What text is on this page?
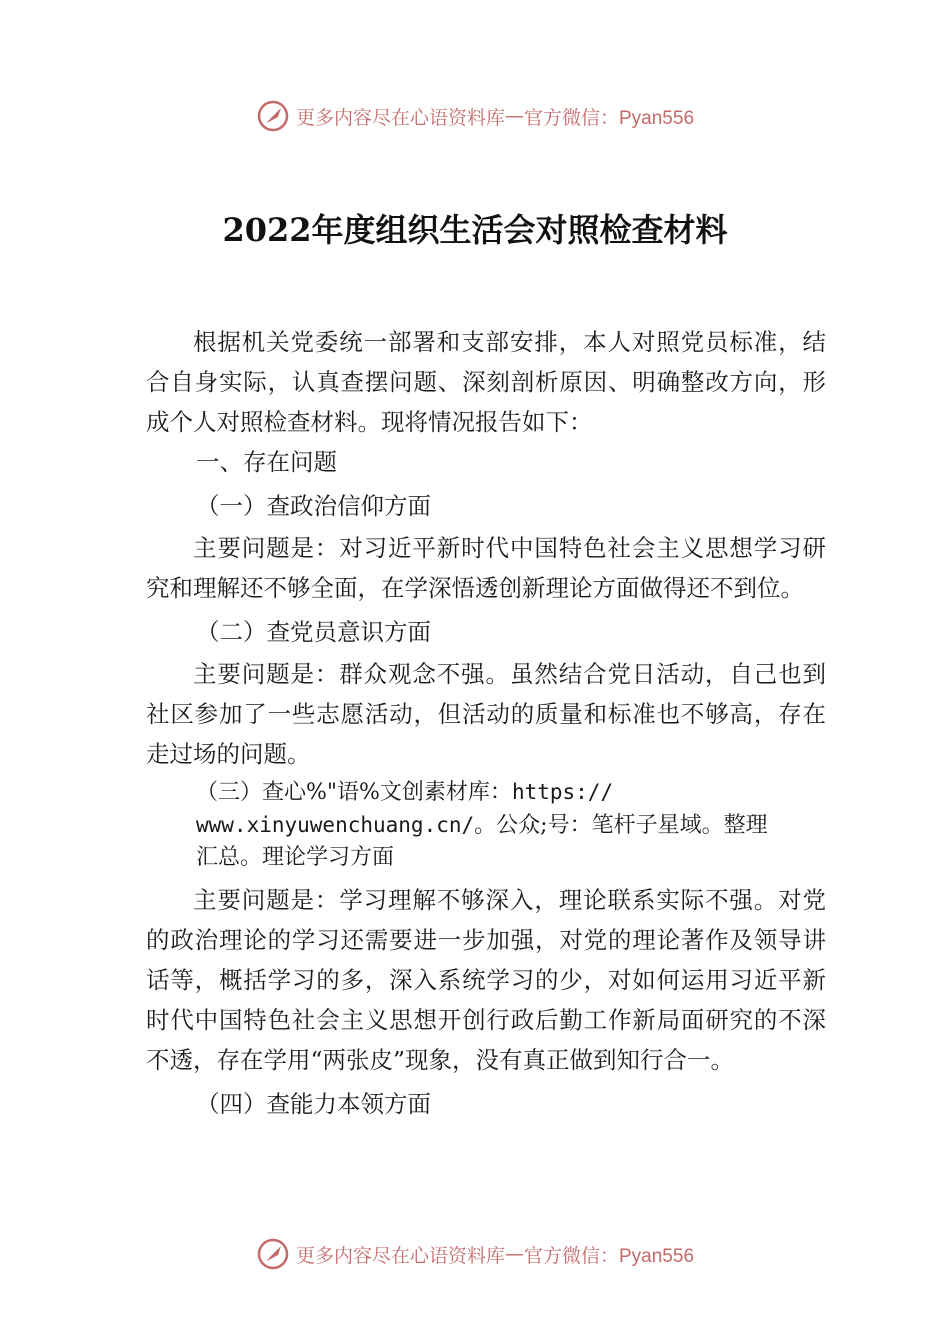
更多内容尽在心语资料库 — 官方微信：Pyan556
2022年度组织生活会对照检查材料

根据机关党委统一部署和支部安排，本人对照党员标准，结合自身实际，认真查摆问题、深刻剖析原因、明确整改方向，形成个人对照检查材料。现将情况报告如下：

一、存在问题

（一）查政治信仰方面

主要问题是：对习近平新时代中国特色社会主义思想学习研究和理解还不够全面，在学深悟透创新理论方面做得还不到位。

（二）查党员意识方面

主要问题是：群众观念不强。虽然结合党日活动，自己也到社区参加了一些志愿活动，但活动的质量和标准也不够高，存在走过场的问题。

（三）查心%"语%文创素材库：https://
www.xinyuwenchuang.cn/。公众;号：笔杆子星域。整理
汇总。理论学习方面

主要问题是：学习理解不够深入，理论联系实际不强。对党的政治理论的学习还需要进一步加强，对党的理论著作及领导讲话等，概括学习的多，深入系统学习的少，对如何运用习近平新时代中国特色社会主义思想开创行政后勤工作新局面研究的不深不透，存在学用“两张皮”现象，没有真正做到知行合一。

（四）查能力本领方面

更多内容尽在心语资料库 — 官方微信：Pyan556
